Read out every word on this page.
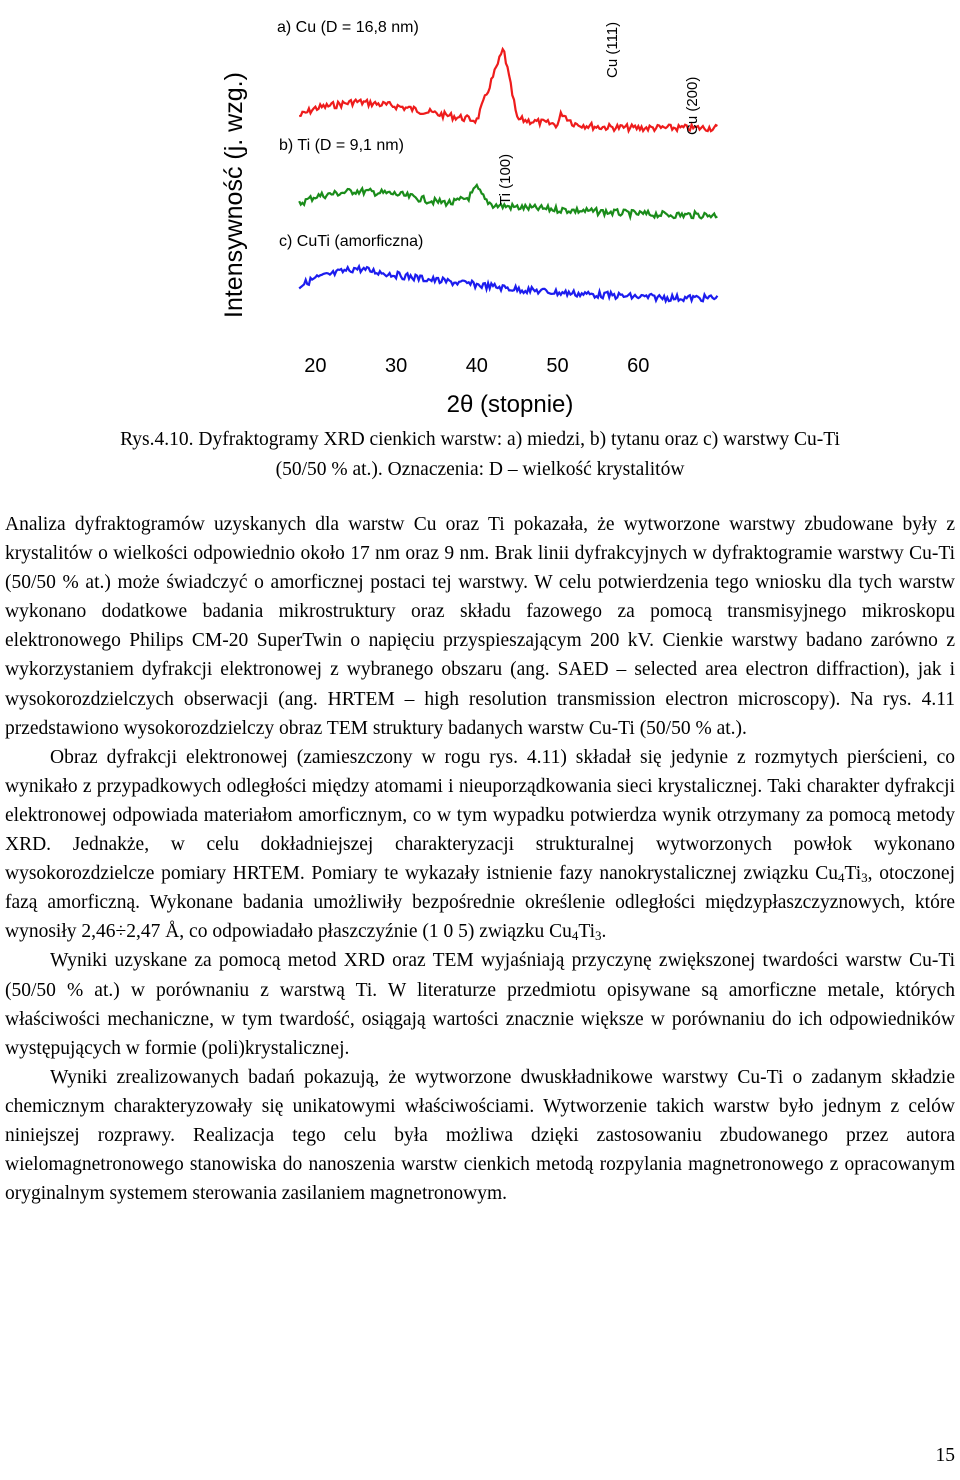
Intensywność (j. wzg.)
20	30	40	50	60
a) Cu (D = 16,8 nm)
b) Ti (D = 9,1 nm)
c) CuTi (amorficzna)
Cu (111)
Cu (200)
Ti (100)
2θ (stopnie)
Rys.4.10. Dyfraktogramy XRD cienkich warstw: a) miedzi, b) tytanu oraz c) warstwy Cu-Ti
(50/50 % at.). Oznaczenia: D – wielkość krystalitów

Analiza dyfraktogramów uzyskanych dla warstw Cu oraz Ti pokazała, że wytworzone warstwy zbudowane były z krystalitów o wielkości odpowiednio około 17 nm oraz 9 nm. Brak linii dyfrakcyjnych w dyfraktogramie warstwy Cu-Ti (50/50 % at.) może świadczyć o amorficznej postaci tej warstwy. W celu potwierdzenia tego wniosku dla tych warstw wykonano dodatkowe badania mikrostruktury oraz składu fazowego za pomocą transmisyjnego mikroskopu elektronowego Philips CM-20 SuperTwin o napięciu przyspieszającym 200 kV. Cienkie warstwy badano zarówno z wykorzystaniem dyfrakcji elektronowej z wybranego obszaru (ang. SAED – selected area electron diffraction), jak i wysokorozdzielczych obserwacji (ang. HRTEM – high resolution transmission electron microscopy). Na rys. 4.11 przedstawiono wysokorozdzielczy obraz TEM struktury badanych warstw Cu-Ti (50/50 % at.).

Obraz dyfrakcji elektronowej (zamieszczony w rogu rys. 4.11) składał się jedynie z rozmytych pierścieni, co wynikało z przypadkowych odległości między atomami i nieuporządkowania sieci krystalicznej. Taki charakter dyfrakcji elektronowej odpowiada materiałom amorficznym, co w tym wypadku potwierdza wynik otrzymany za pomocą metody XRD. Jednakże, w celu dokładniejszej charakteryzacji strukturalnej wytworzonych powłok wykonano wysokorozdzielcze pomiary HRTEM. Pomiary te wykazały istnienie fazy nanokrystalicznej związku $Cu_4Ti_3$, otoczonej fazą amorficzną. Wykonane badania umożliwiły bezpośrednie określenie odległości międzypłaszczyznowych, które wynosiły 2,46÷2,47 Å, co odpowiadało płaszczyźnie (1 0 5) związku $Cu_4Ti_3$.

Wyniki uzyskane za pomocą metod XRD oraz TEM wyjaśniają przyczynę zwiększonej twardości warstw Cu-Ti (50/50 % at.) w porównaniu z warstwą Ti. W literaturze przedmiotu opisywane są amorficzne metale, których właściwości mechaniczne, w tym twardość, osiągają wartości znacznie większe w porównaniu do ich odpowiedników występujących w formie (poli)krystalicznej.

Wyniki zrealizowanych badań pokazują, że wytworzone dwuskładnikowe warstwy Cu-Ti o zadanym składzie chemicznym charakteryzowały się unikatowymi właściwościami. Wytworzenie takich warstw było jednym z celów niniejszej rozprawy. Realizacja tego celu była możliwa dzięki zastosowaniu zbudowanego przez autora wielomagnetronowego stanowiska do nanoszenia warstw cienkich metodą rozpylania magnetronowego z opracowanym oryginalnym systemem sterowania zasilaniem magnetronowym.

15
